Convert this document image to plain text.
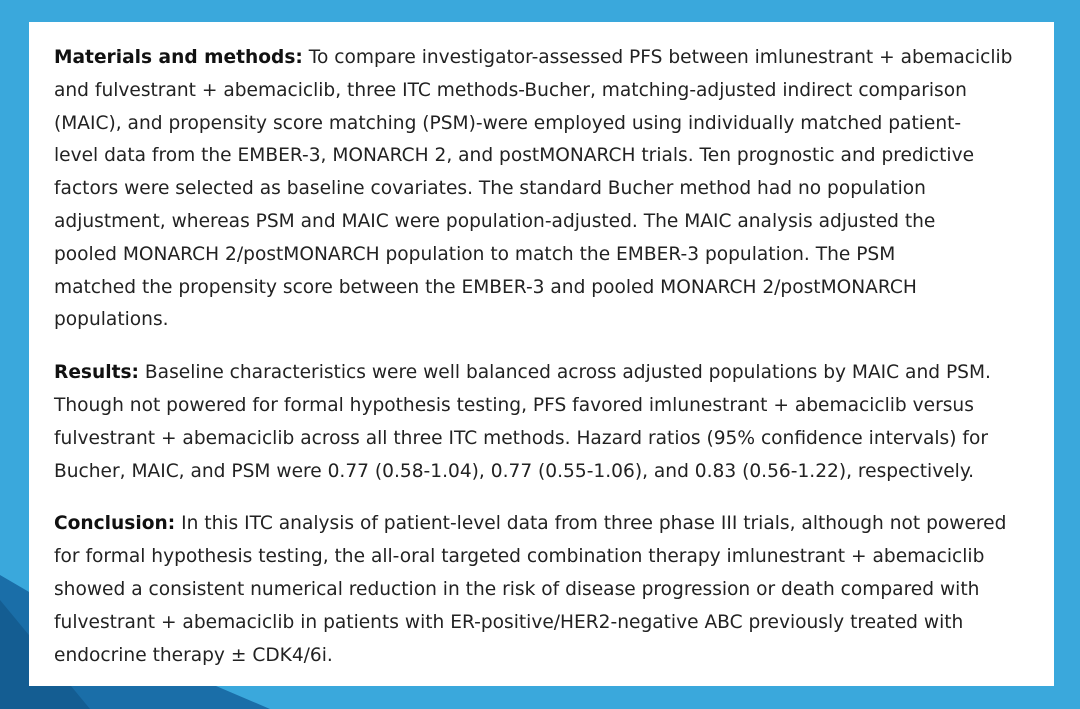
Materials and methods: To compare investigator-assessed PFS between imlunestrant + abemaciclib
and fulvestrant + abemaciclib, three ITC methods-Bucher, matching-adjusted indirect comparison
(MAIC), and propensity score matching (PSM)-were employed using individually matched patient-
level data from the EMBER-3, MONARCH 2, and postMONARCH trials. Ten prognostic and predictive
factors were selected as baseline covariates. The standard Bucher method had no population
adjustment, whereas PSM and MAIC were population-adjusted. The MAIC analysis adjusted the
pooled MONARCH 2/postMONARCH population to match the EMBER-3 population. The PSM
matched the propensity score between the EMBER-3 and pooled MONARCH 2/postMONARCH
populations.

Results: Baseline characteristics were well balanced across adjusted populations by MAIC and PSM.
Though not powered for formal hypothesis testing, PFS favored imlunestrant + abemaciclib versus
fulvestrant + abemaciclib across all three ITC methods. Hazard ratios (95% confidence intervals) for
Bucher, MAIC, and PSM were 0.77 (0.58-1.04), 0.77 (0.55-1.06), and 0.83 (0.56-1.22), respectively.

Conclusion: In this ITC analysis of patient-level data from three phase III trials, although not powered
for formal hypothesis testing, the all-oral targeted combination therapy imlunestrant + abemaciclib
showed a consistent numerical reduction in the risk of disease progression or death compared with
fulvestrant + abemaciclib in patients with ER-positive/HER2-negative ABC previously treated with
endocrine therapy ± CDK4/6i.
